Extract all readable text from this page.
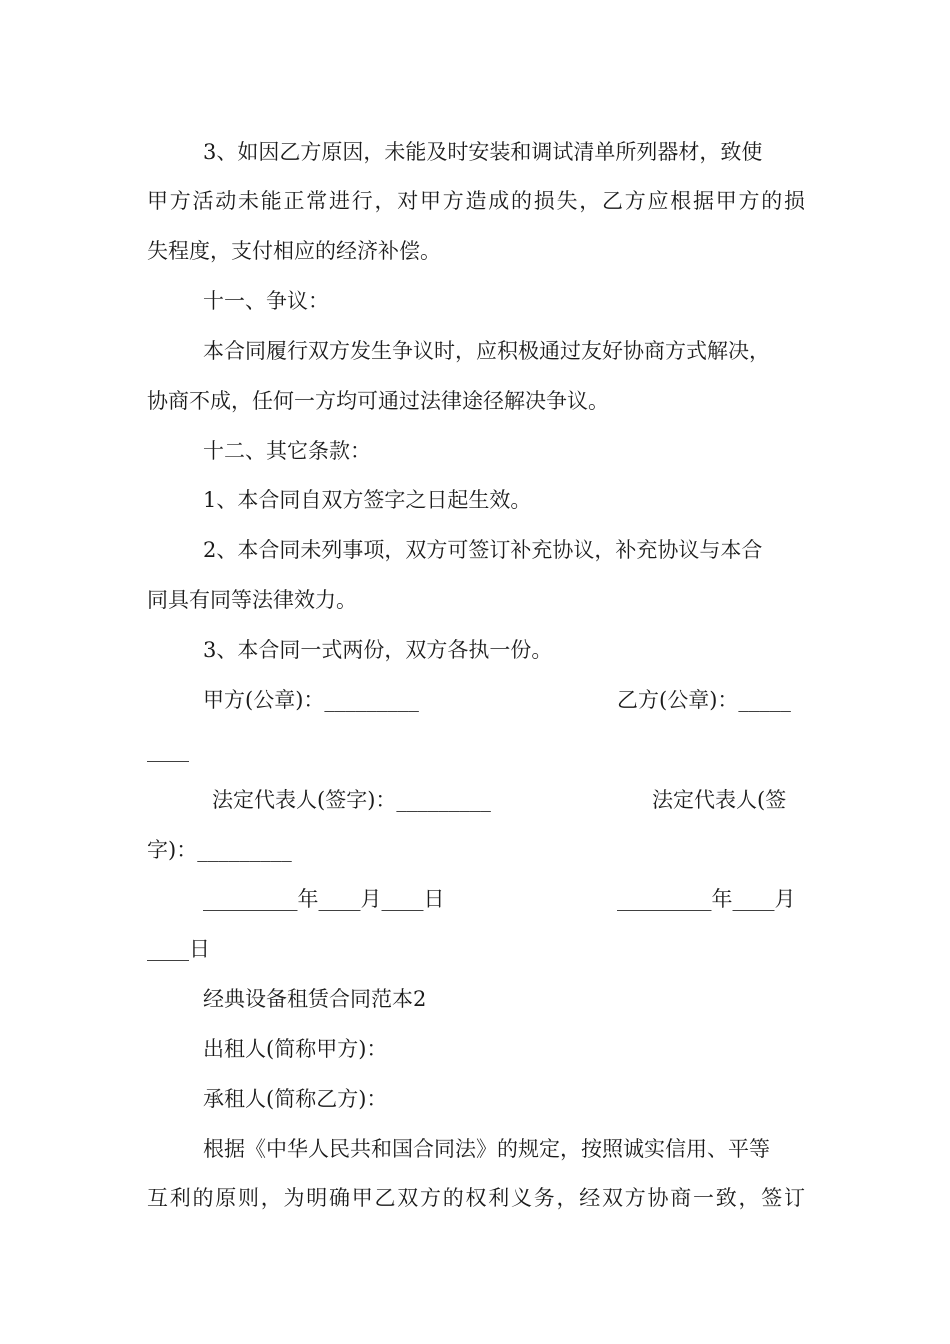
3、如因乙方原因，未能及时安装和调试清单所列器材，致使
甲方活动未能正常进行，对甲方造成的损失，乙方应根据甲方的损
失程度，支付相应的经济补偿。
十一、争议：
本合同履行双方发生争议时，应积极通过友好协商方式解决，
协商不成，任何一方均可通过法律途径解决争议。
十二、其它条款：
1、本合同自双方签字之日起生效。
2、本合同未列事项，双方可签订补充协议，补充协议与本合
同具有同等法律效力。
3、本合同一式两份，双方各执一份。
甲方(公章)：_________	乙方(公章)：_____
____
法定代表人(签字)：_________	法定代表人(签
字)：_________
_________年____月____日	_________年____月
____日
经典设备租赁合同范本2
出租人(简称甲方)：
承租人(简称乙方)：
根据《中华人民共和国合同法》的规定，按照诚实信用、平等
互利的原则，为明确甲乙双方的权利义务，经双方协商一致，签订
